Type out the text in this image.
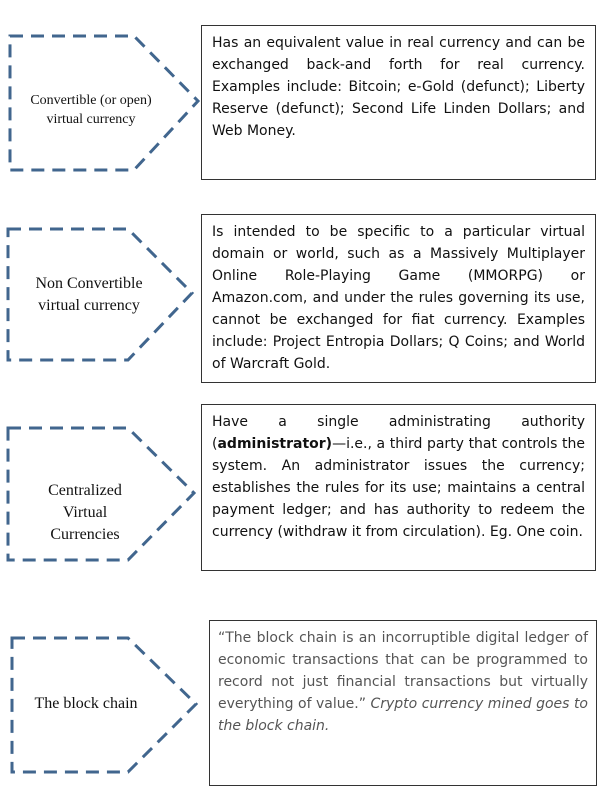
Convertible (or open) virtual currency
Has an equivalent value in real currency and can be exchanged back-and forth for real currency. Examples include: Bitcoin; e-Gold (defunct); Liberty Reserve (defunct); Second Life Linden Dollars; and Web Money.
Non Convertible virtual currency
Is intended to be specific to a particular virtual domain or world, such as a Massively Multiplayer Online Role-Playing Game (MMORPG) or Amazon.com, and under the rules governing its use, cannot be exchanged for fiat currency. Examples include: Project Entropia Dollars; Q Coins; and World of Warcraft Gold.
Centralized Virtual Currencies
Have a single administrating authority (administrator)—i.e., a third party that controls the system. An administrator issues the currency; establishes the rules for its use; maintains a central payment ledger; and has authority to redeem the currency (withdraw it from circulation). Eg. One coin.
The block chain
“The block chain is an incorruptible digital ledger of economic transactions that can be programmed to record not just financial transactions but virtually everything of value.” Crypto currency mined goes to the block chain.
